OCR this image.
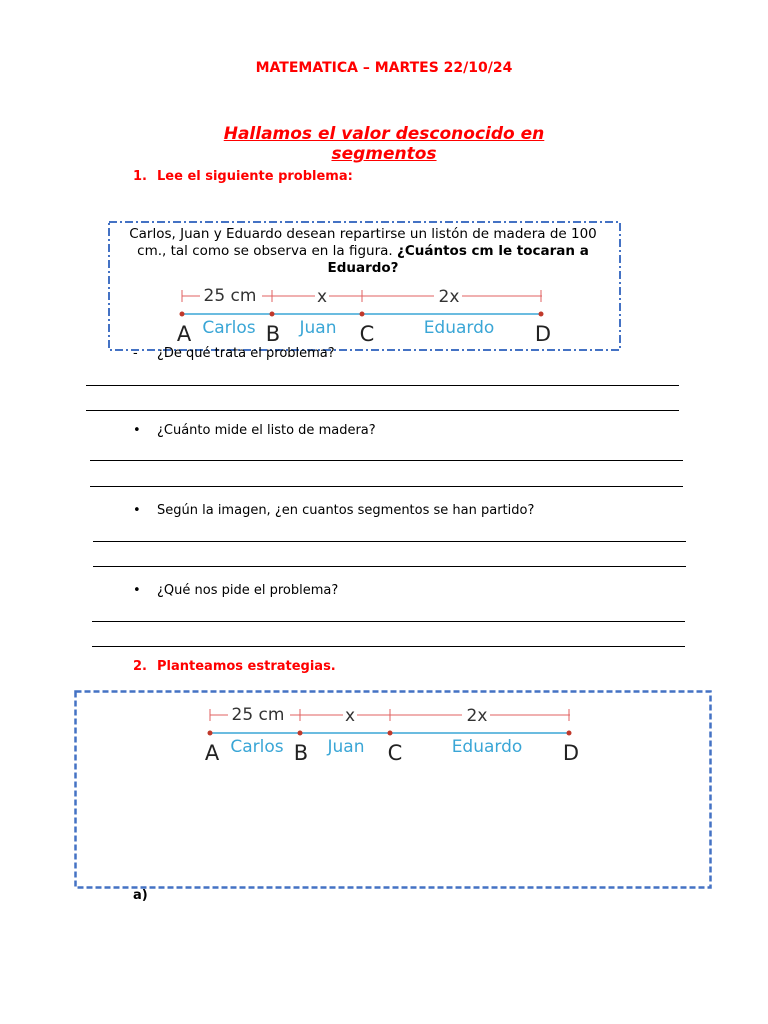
MATEMATICA – MARTES 22/10/24
Hallamos el valor desconocido en segmentos
1. Lee el siguiente problema:
Carlos, Juan y Eduardo desean repartirse un listón de madera de 100 cm., tal como se observa en la figura. ¿Cuántos cm le tocaran a Eduardo?
25 cm	x	2x
A	B	C	D
Carlos	Juan	Eduardo
- ¿De qué trata el problema?
• ¿Cuánto mide el listo de madera?
• Según la imagen, ¿en cuantos segmentos se han partido?
• ¿Qué nos pide el problema?
2. Planteamos estrategias.
25 cm	x	2x
A	B	C	D
Carlos	Juan	Eduardo
a)
